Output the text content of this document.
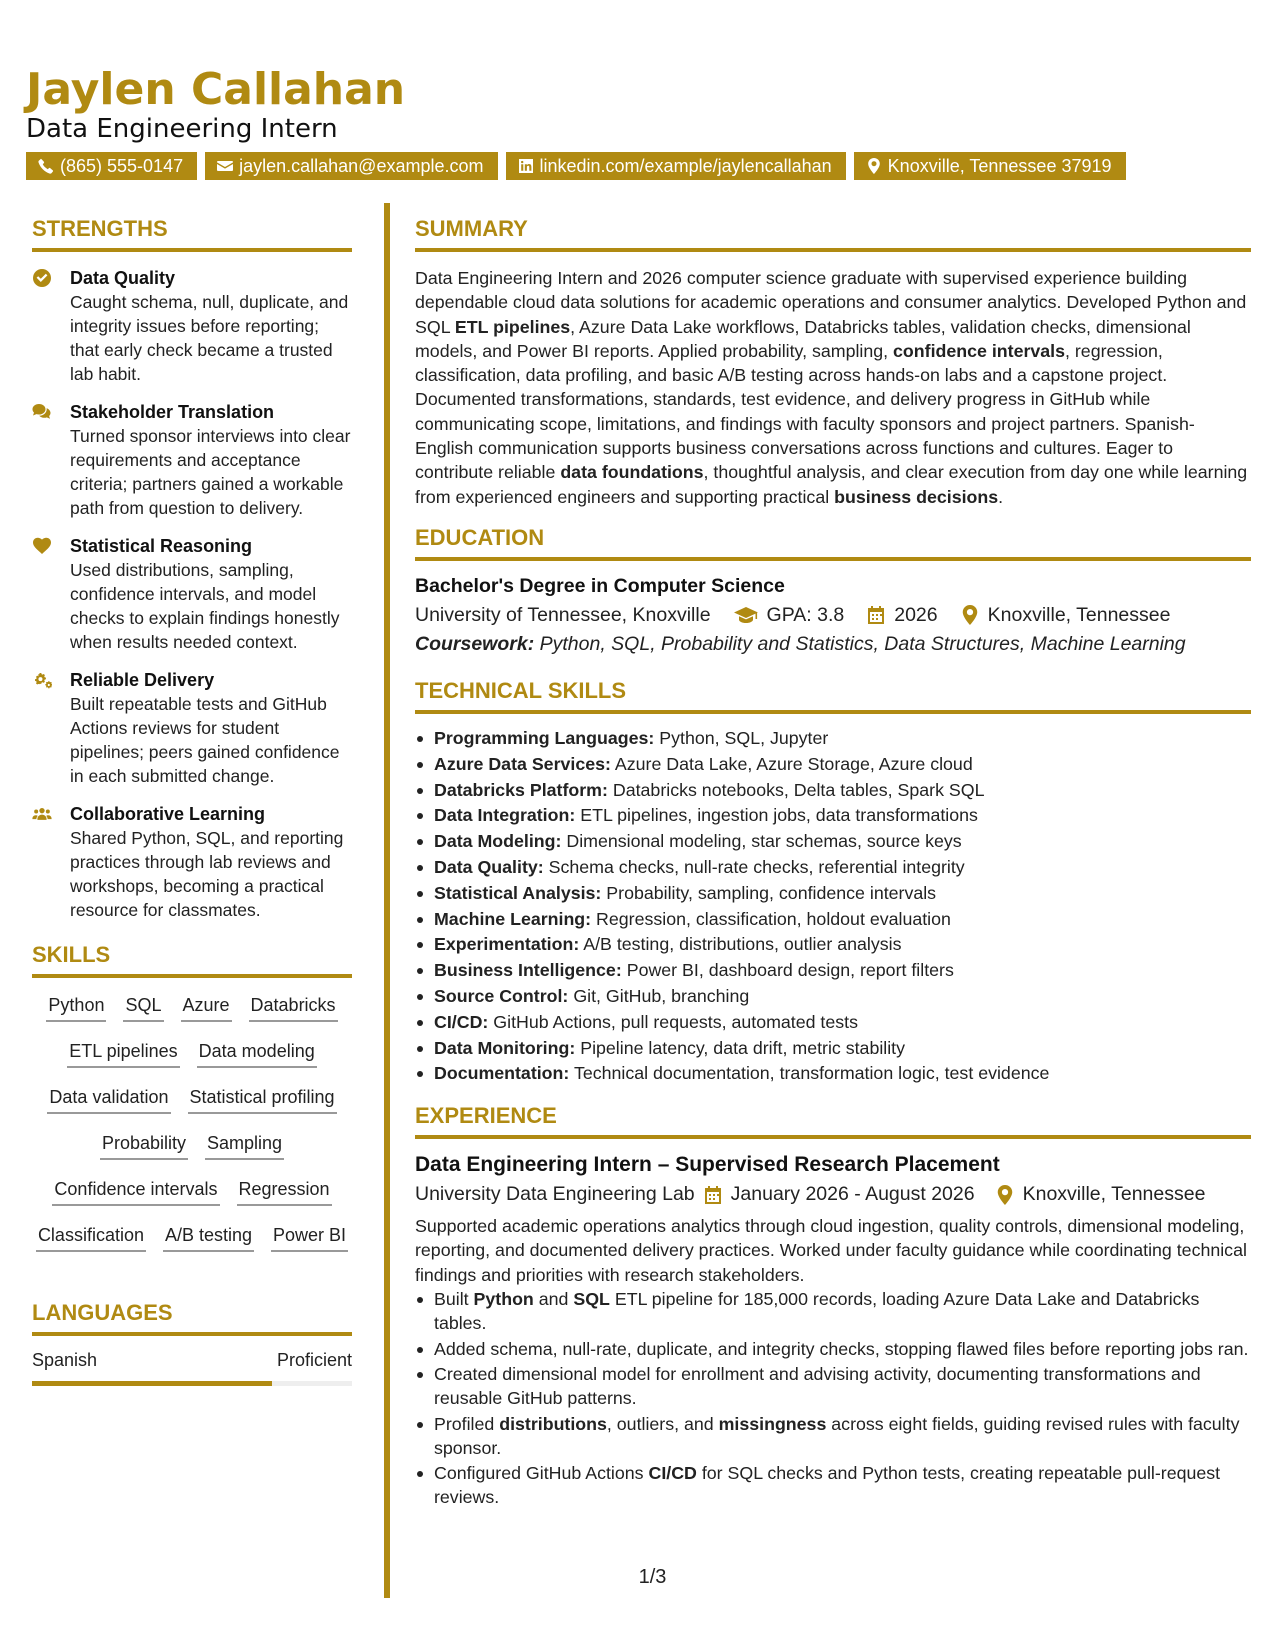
Jaylen Callahan
Data Engineering Intern
(865) 555-0147	jaylen.callahan@example.com	linkedin.com/example/jaylencallahan	Knoxville, Tennessee 37919
STRENGTHS
Data Quality
Caught schema, null, duplicate, and integrity issues before reporting; that early check became a trusted lab habit.
Stakeholder Translation
Turned sponsor interviews into clear requirements and acceptance criteria; partners gained a workable path from question to delivery.
Statistical Reasoning
Used distributions, sampling, confidence intervals, and model checks to explain findings honestly when results needed context.
Reliable Delivery
Built repeatable tests and GitHub Actions reviews for student pipelines; peers gained confidence in each submitted change.
Collaborative Learning
Shared Python, SQL, and reporting practices through lab reviews and workshops, becoming a practical resource for classmates.
SKILLS
Python SQL Azure Databricks
ETL pipelines Data modeling
Data validation Statistical profiling
Probability Sampling
Confidence intervals Regression
Classification A/B testing Power BI
LANGUAGES
Spanish	Proficient
SUMMARY
Data Engineering Intern and 2026 computer science graduate with supervised experience building dependable cloud data solutions for academic operations and consumer analytics. Developed Python and SQL ETL pipelines, Azure Data Lake workflows, Databricks tables, validation checks, dimensional models, and Power BI reports. Applied probability, sampling, confidence intervals, regression, classification, data profiling, and basic A/B testing across hands-on labs and a capstone project. Documented transformations, standards, test evidence, and delivery progress in GitHub while communicating scope, limitations, and findings with faculty sponsors and project partners. Spanish-English communication supports business conversations across functions and cultures. Eager to contribute reliable data foundations, thoughtful analysis, and clear execution from day one while learning from experienced engineers and supporting practical business decisions.
EDUCATION
Bachelor's Degree in Computer Science
University of Tennessee, Knoxville	GPA: 3.8	2026	Knoxville, Tennessee
Coursework: Python, SQL, Probability and Statistics, Data Structures, Machine Learning
TECHNICAL SKILLS
Programming Languages: Python, SQL, Jupyter
Azure Data Services: Azure Data Lake, Azure Storage, Azure cloud
Databricks Platform: Databricks notebooks, Delta tables, Spark SQL
Data Integration: ETL pipelines, ingestion jobs, data transformations
Data Modeling: Dimensional modeling, star schemas, source keys
Data Quality: Schema checks, null-rate checks, referential integrity
Statistical Analysis: Probability, sampling, confidence intervals
Machine Learning: Regression, classification, holdout evaluation
Experimentation: A/B testing, distributions, outlier analysis
Business Intelligence: Power BI, dashboard design, report filters
Source Control: Git, GitHub, branching
CI/CD: GitHub Actions, pull requests, automated tests
Data Monitoring: Pipeline latency, data drift, metric stability
Documentation: Technical documentation, transformation logic, test evidence
EXPERIENCE
Data Engineering Intern – Supervised Research Placement
University Data Engineering Lab January 2026 - August 2026 Knoxville, Tennessee
Supported academic operations analytics through cloud ingestion, quality controls, dimensional modeling, reporting, and documented delivery practices. Worked under faculty guidance while coordinating technical findings and priorities with research stakeholders.
Built Python and SQL ETL pipeline for 185,000 records, loading Azure Data Lake and Databricks tables.
Added schema, null-rate, duplicate, and integrity checks, stopping flawed files before reporting jobs ran.
Created dimensional model for enrollment and advising activity, documenting transformations and reusable GitHub patterns.
Profiled distributions, outliers, and missingness across eight fields, guiding revised rules with faculty sponsor.
Configured GitHub Actions CI/CD for SQL checks and Python tests, creating repeatable pull-request reviews.
1/3
